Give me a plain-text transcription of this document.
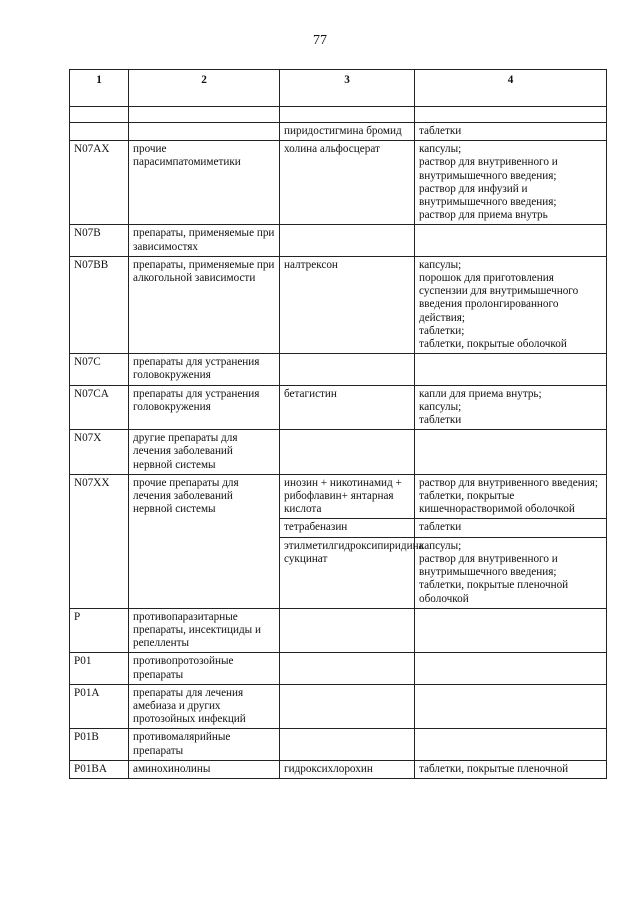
77
1	2	3	4

		пиридостигмина бромид	таблетки
N07AX	прочие парасимпатомиметики	холина альфосцерат	капсулы;
раствор для внутривенного и внутримышечного введения;
раствор для инфузий и внутримышечного введения;
раствор для приема внутрь
N07B	препараты, применяемые при зависимостях		
N07BB	препараты, применяемые при алкогольной зависимости	налтрексон	капсулы;
порошок для приготовления суспензии для внутримышечного введения пролонгированного действия;
таблетки;
таблетки, покрытые оболочкой
N07C	препараты для устранения головокружения		
N07CA	препараты для устранения головокружения	бетагистин	капли для приема внутрь;
капсулы;
таблетки
N07X	другие препараты для лечения заболеваний нервной системы		
N07XX	прочие препараты для лечения заболеваний нервной системы	инозин + никотинамид + рибофлавин+ янтарная кислота	раствор для внутривенного введения; таблетки, покрытые кишечнорастворимой оболочкой
		тетрабеназин	таблетки
		этилметилгидроксипиридина сукцинат	капсулы;
раствор для внутривенного и внутримышечного введения;
таблетки, покрытые пленочной оболочкой
P	противопаразитарные препараты, инсектициды и репелленты		
P01	противопротозойные препараты		
P01A	препараты для лечения амебиаза и других протозойных инфекций		
P01B	противомалярийные препараты		
P01BA	аминохинолины	гидроксихлорохин	таблетки, покрытые пленочной
